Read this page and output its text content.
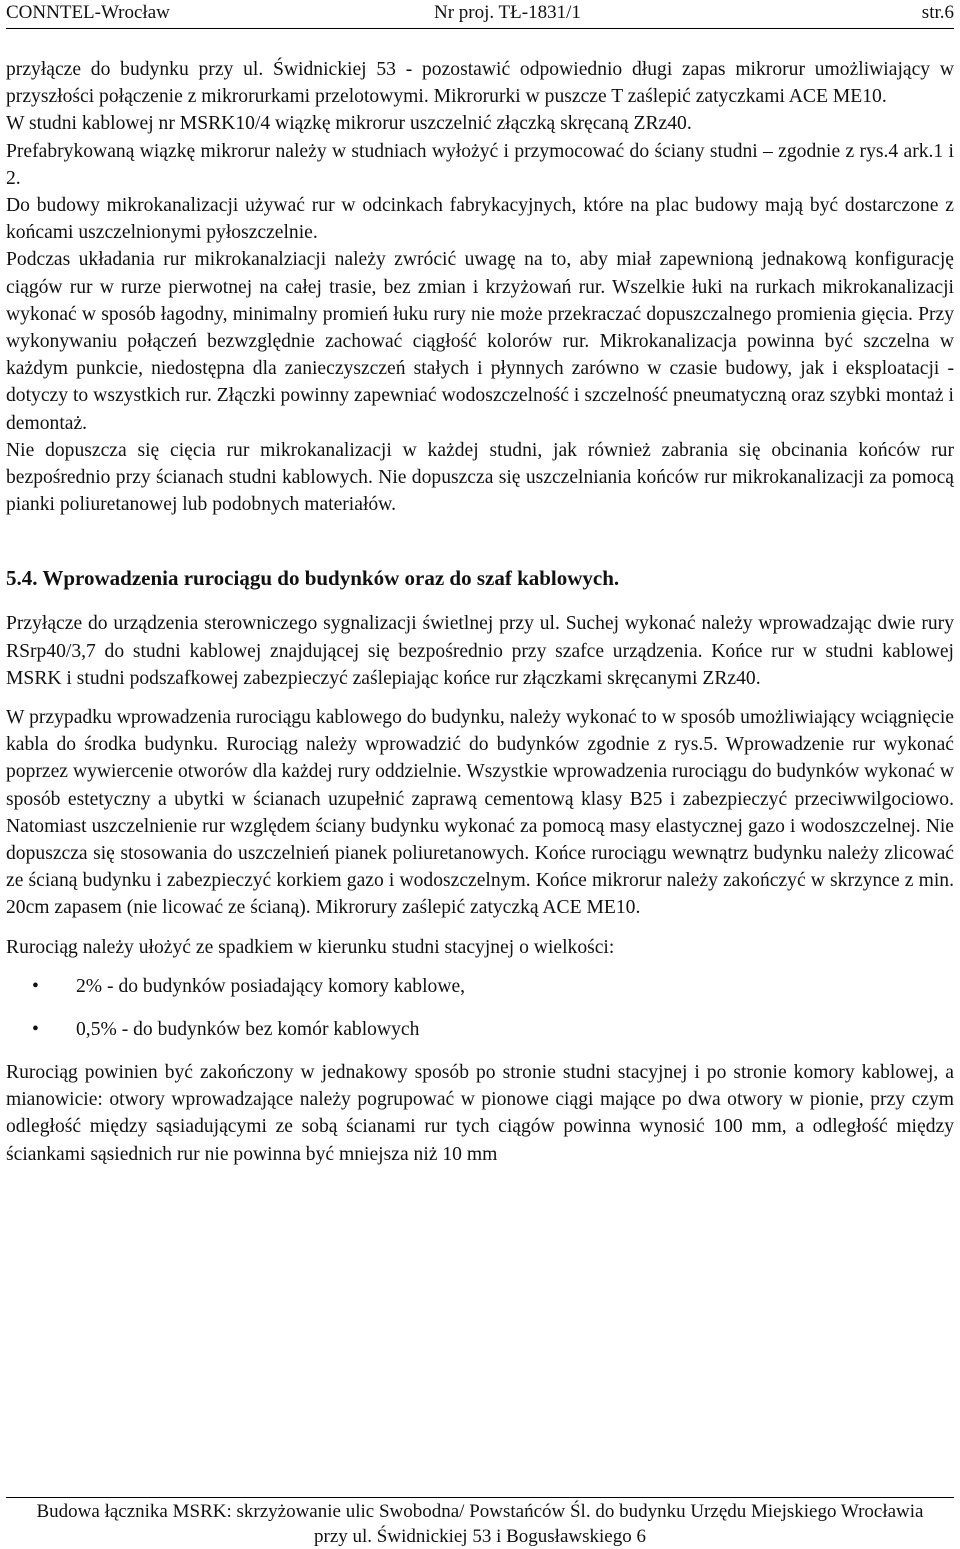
CONNTEL-Wrocław	Nr proj. TŁ-1831/1	str.6

przyłącze do budynku przy ul. Świdnickiej 53 - pozostawić odpowiednio długi zapas mikrorur umożliwiający w przyszłości połączenie z mikrorurkami przelotowymi. Mikrorurki w puszcze T zaślepić zatyczkami ACE ME10.

W studni kablowej nr MSRK10/4 wiązkę mikrorur uszczelnić złączką skręcaną ZRz40.

Prefabrykowaną wiązkę mikrorur należy w studniach wyłożyć i przymocować do ściany studni – zgodnie z rys.4 ark.1 i 2.

Do budowy mikrokanalizacji używać rur w odcinkach fabrykacyjnych, które na plac budowy mają być dostarczone z końcami uszczelnionymi pyłoszczelnie.

Podczas układania rur mikrokanalziacji należy zwrócić uwagę na to, aby miał zapewnioną jednakową konfigurację ciągów rur w rurze pierwotnej na całej trasie, bez zmian i krzyżowań rur. Wszelkie łuki na rurkach mikrokanalizacji wykonać w sposób łagodny, minimalny promień łuku rury nie może przekraczać dopuszczalnego promienia gięcia. Przy wykonywaniu połączeń bezwzględnie zachować ciągłość kolorów rur. Mikrokanalizacja powinna być szczelna w każdym punkcie, niedostępna dla zanieczyszczeń stałych i płynnych zarówno w czasie budowy, jak i eksploatacji - dotyczy to wszystkich rur. Złączki powinny zapewniać wodoszczelność i szczelność pneumatyczną oraz szybki montaż i demontaż.

Nie dopuszcza się cięcia rur mikrokanalizacji w każdej studni, jak również zabrania się obcinania końców rur bezpośrednio przy ścianach studni kablowych. Nie dopuszcza się uszczelniania końców rur mikrokanalizacji za pomocą pianki poliuretanowej lub podobnych materiałów.

5.4. Wprowadzenia rurociągu do budynków oraz do szaf kablowych.

Przyłącze do urządzenia sterowniczego sygnalizacji świetlnej przy ul. Suchej wykonać należy wprowadzając dwie rury RSrp40/3,7 do studni kablowej znajdującej się bezpośrednio przy szafce urządzenia. Końce rur w studni kablowej MSRK i studni podszafkowej zabezpieczyć zaślepiając końce rur złączkami skręcanymi ZRz40.

W przypadku wprowadzenia rurociągu kablowego do budynku, należy wykonać to w sposób umożliwiający wciągnięcie kabla do środka budynku. Rurociąg należy wprowadzić do budynków zgodnie z rys.5. Wprowadzenie rur wykonać poprzez wywiercenie otworów dla każdej rury oddzielnie. Wszystkie wprowadzenia rurociągu do budynków wykonać w sposób estetyczny a ubytki w ścianach uzupełnić zaprawą cementową klasy B25 i zabezpieczyć przeciwwilgociowo. Natomiast uszczelnienie rur względem ściany budynku wykonać za pomocą masy elastycznej gazo i wodoszczelnej. Nie dopuszcza się stosowania do uszczelnień pianek poliuretanowych. Końce rurociągu wewnątrz budynku należy zlicować ze ścianą budynku i zabezpieczyć korkiem gazo i wodoszczelnym. Końce mikrorur należy zakończyć w skrzynce z min. 20cm zapasem (nie licować ze ścianą). Mikrorury zaślepić zatyczką ACE ME10.

Rurociąg należy ułożyć ze spadkiem w kierunku studni stacyjnej o wielkości:

• 2% - do budynków posiadający komory kablowe,
• 0,5% - do budynków bez komór kablowych

Rurociąg powinien być zakończony w jednakowy sposób po stronie studni stacyjnej i po stronie komory kablowej, a mianowicie: otwory wprowadzające należy pogrupować w pionowe ciągi mające po dwa otwory w pionie, przy czym odległość między sąsiadującymi ze sobą ścianami rur tych ciągów powinna wynosić 100 mm, a odległość między ściankami sąsiednich rur nie powinna być mniejsza niż 10 mm

Budowa łącznika MSRK: skrzyżowanie ulic Swobodna/ Powstańców Śl. do budynku Urzędu Miejskiego Wrocławia
przy ul. Świdnickiej 53 i Bogusławskiego 6
